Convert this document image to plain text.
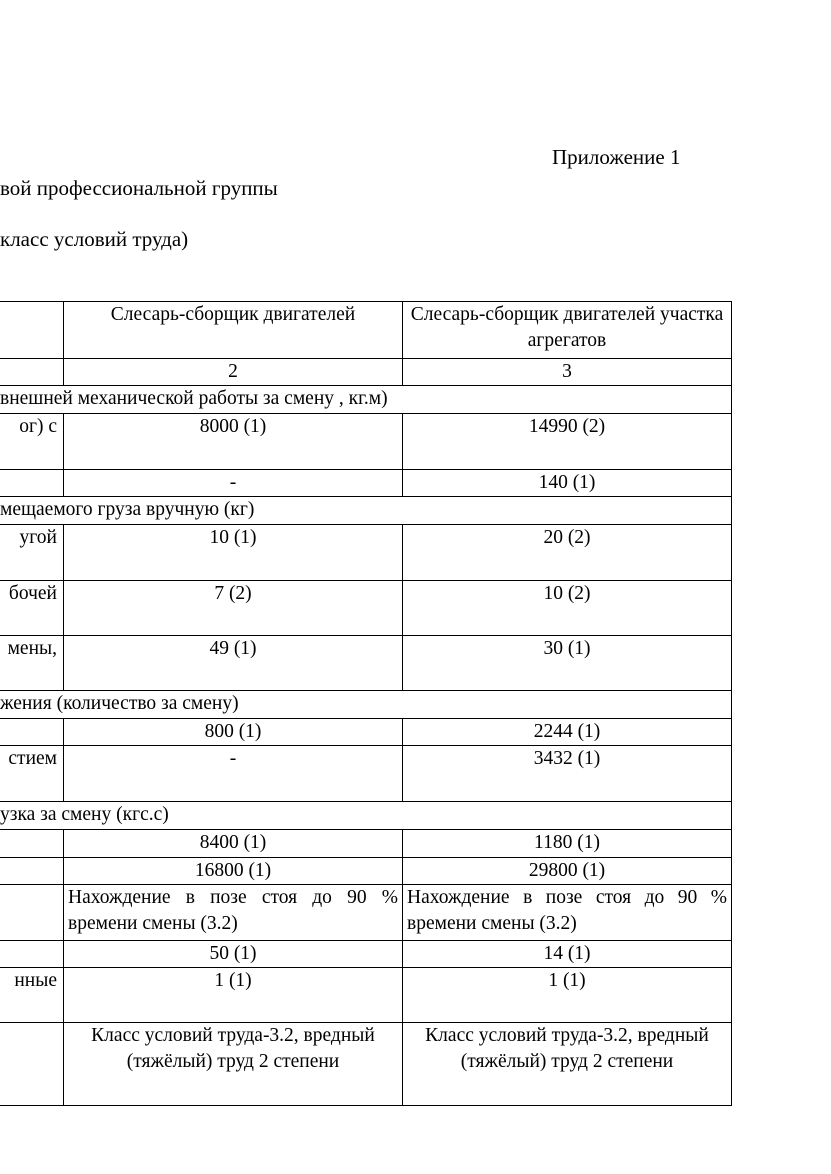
Приложение 1
вой профессиональной группы
класс условий труда)
	Слесарь-сборщик двигателей	Слесарь-сборщик двигателей участка агрегатов
	2	3
внешней механической работы за смену , кг.м)		
ог) с	8000 (1)	14990 (2)
	-	140 (1)
мещаемого груза вручную (кг)		
угой	10 (1)	20 (2)
бочей	7 (2)	10 (2)
мены,	49 (1)	30 (1)
жения (количество за смену)		
	800 (1)	2244 (1)
стием	-	3432 (1)
узка за смену (кгс.с)		
	8400 (1)	1180 (1)
	16800 (1)	29800 (1)
	Нахождение в позе стоя до 90 % времени смены (3.2)	Нахождение в позе стоя до 90 % времени смены (3.2)
	50 (1)	14 (1)
нные	1 (1)	1 (1)
	Класс условий труда-3.2, вредный (тяжёлый) труд 2 степени	Класс условий труда-3.2, вредный (тяжёлый) труд 2 степени
